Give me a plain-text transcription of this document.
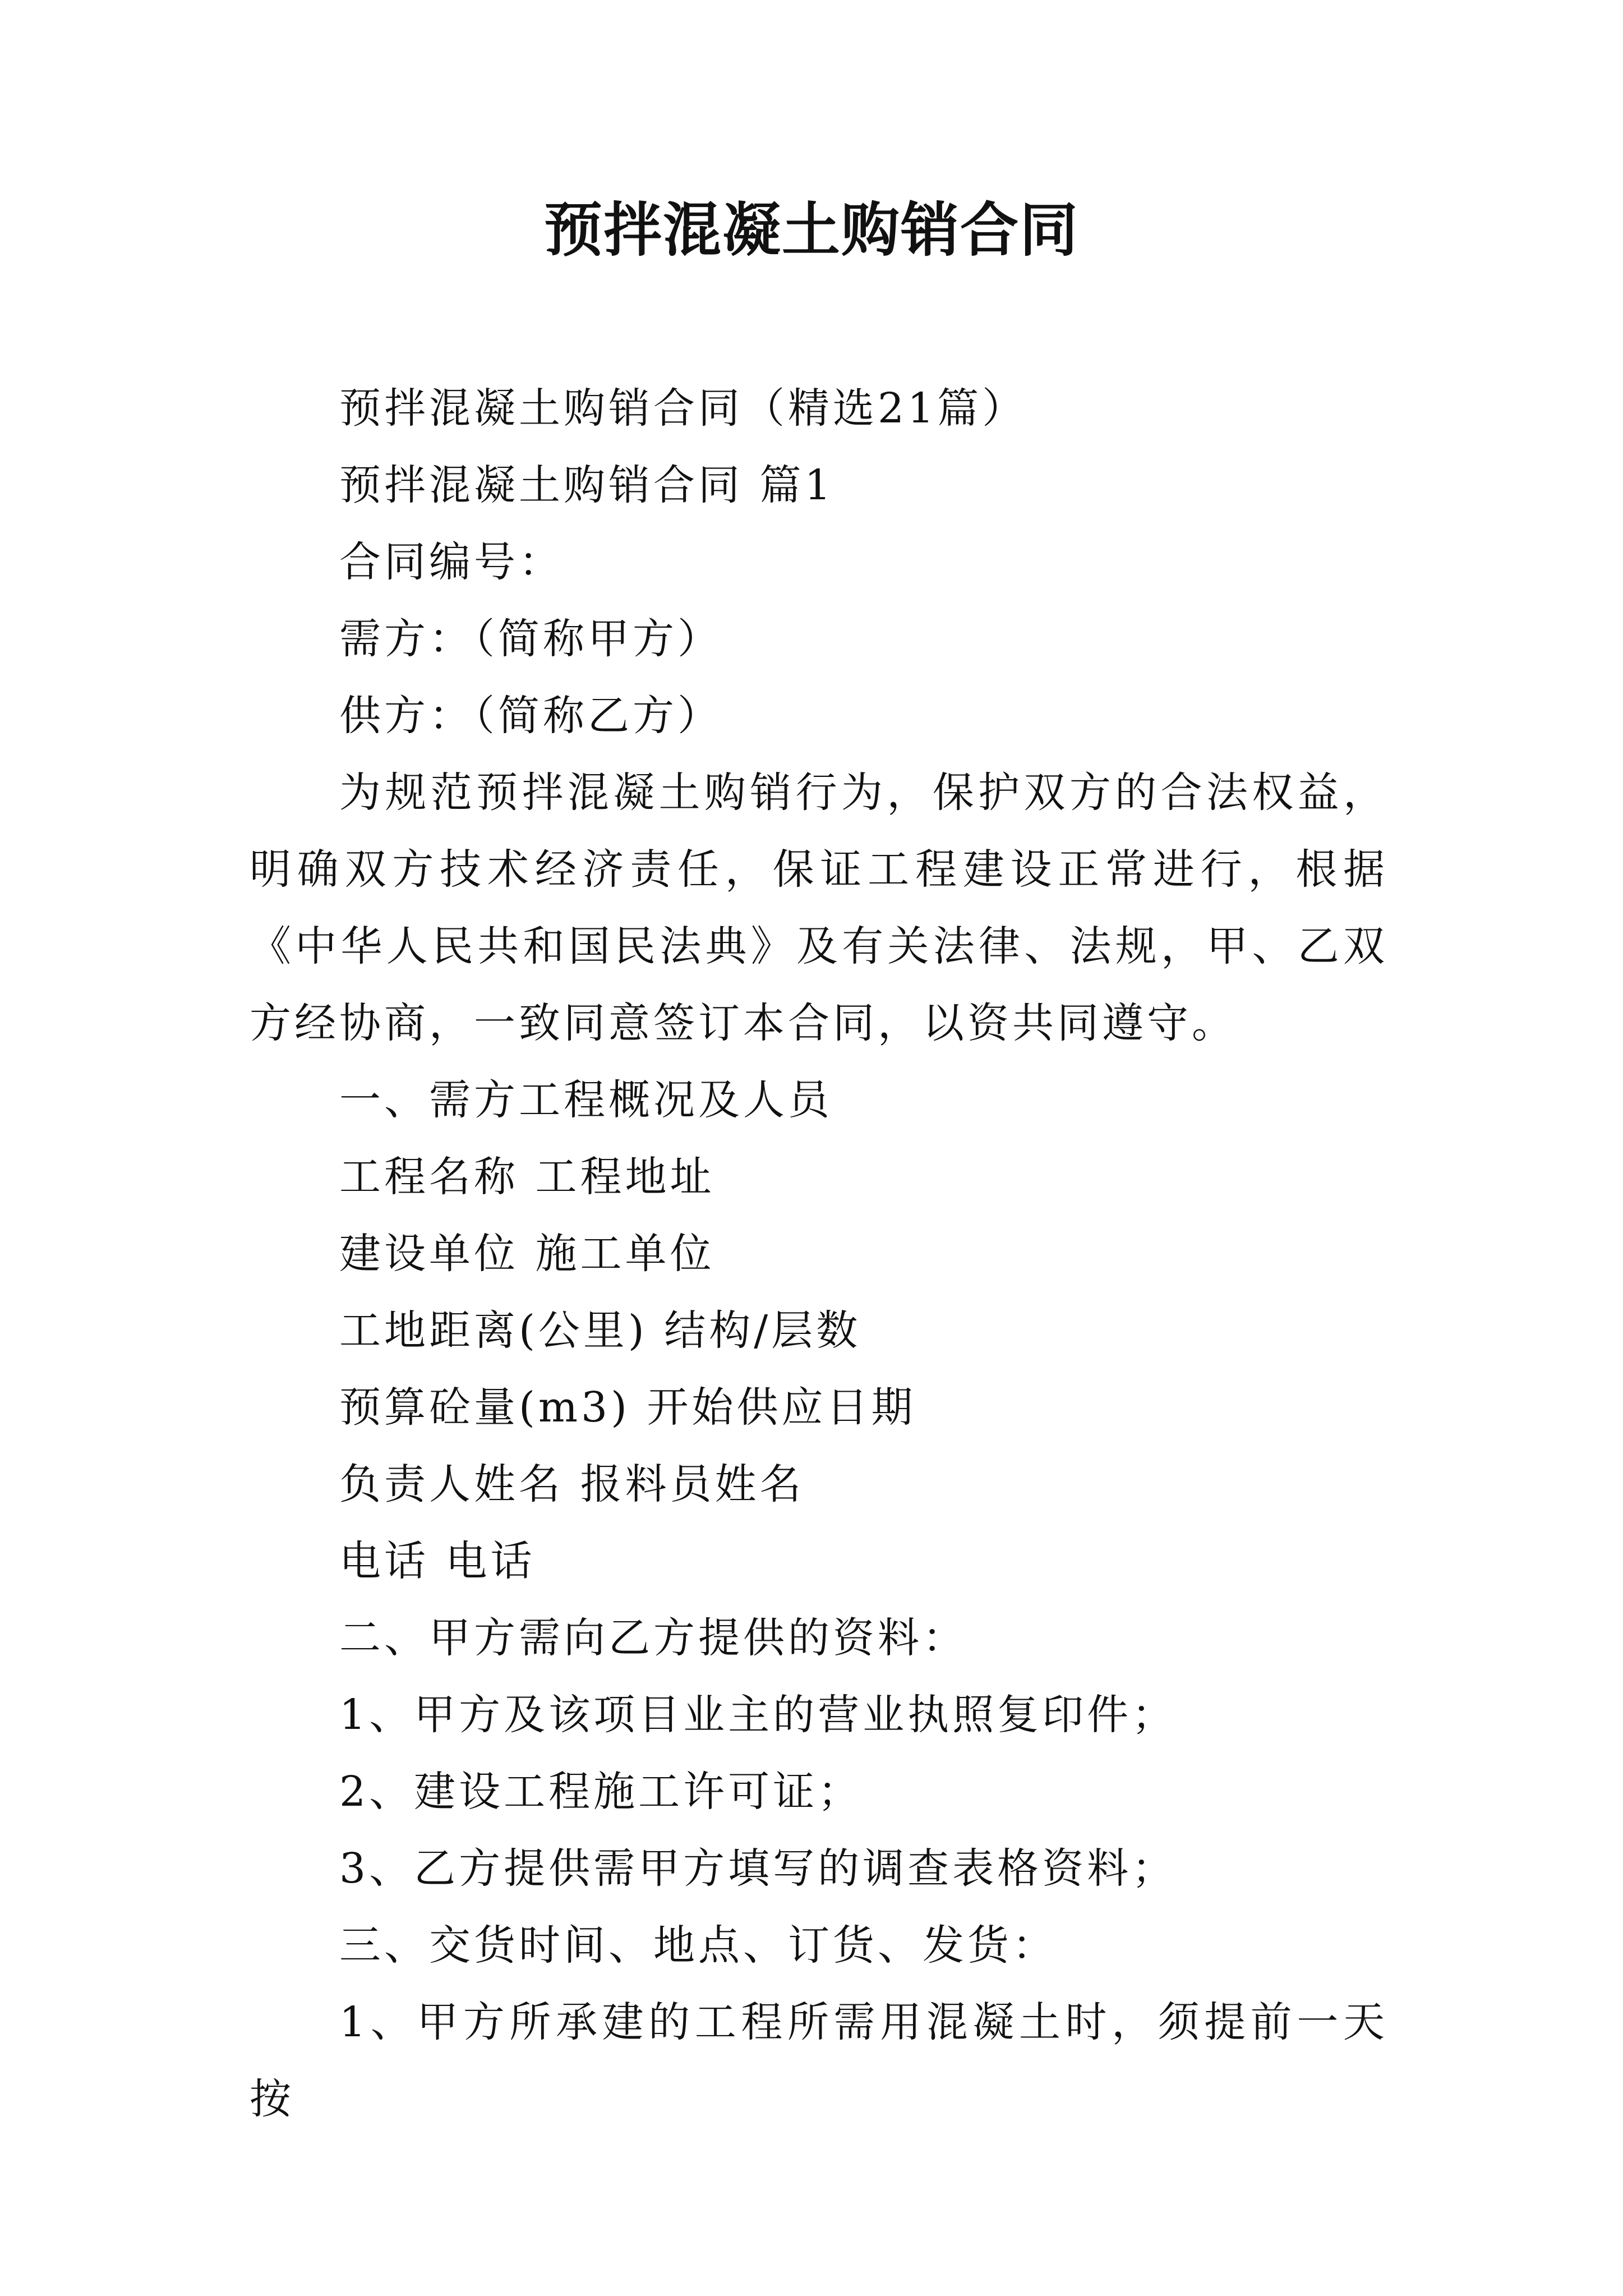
预拌混凝土购销合同

预拌混凝土购销合同（精选21篇）

预拌混凝土购销合同 篇1

合同编号：

需方：（简称甲方）

供方：（简称乙方）

为规范预拌混凝土购销行为，保护双方的合法权益，明确双方技术经济责任，保证工程建设正常进行，根据《中华人民共和国民法典》及有关法律、法规，甲、乙双方经协商，一致同意签订本合同，以资共同遵守。

一、需方工程概况及人员

工程名称 工程地址

建设单位 施工单位

工地距离(公里) 结构/层数

预算砼量(m3) 开始供应日期

负责人姓名 报料员姓名

电话 电话

二、甲方需向乙方提供的资料：

1、甲方及该项目业主的营业执照复印件；

2、建设工程施工许可证；

3、乙方提供需甲方填写的调查表格资料；

三、交货时间、地点、订货、发货：

1、甲方所承建的工程所需用混凝土时，须提前一天按
